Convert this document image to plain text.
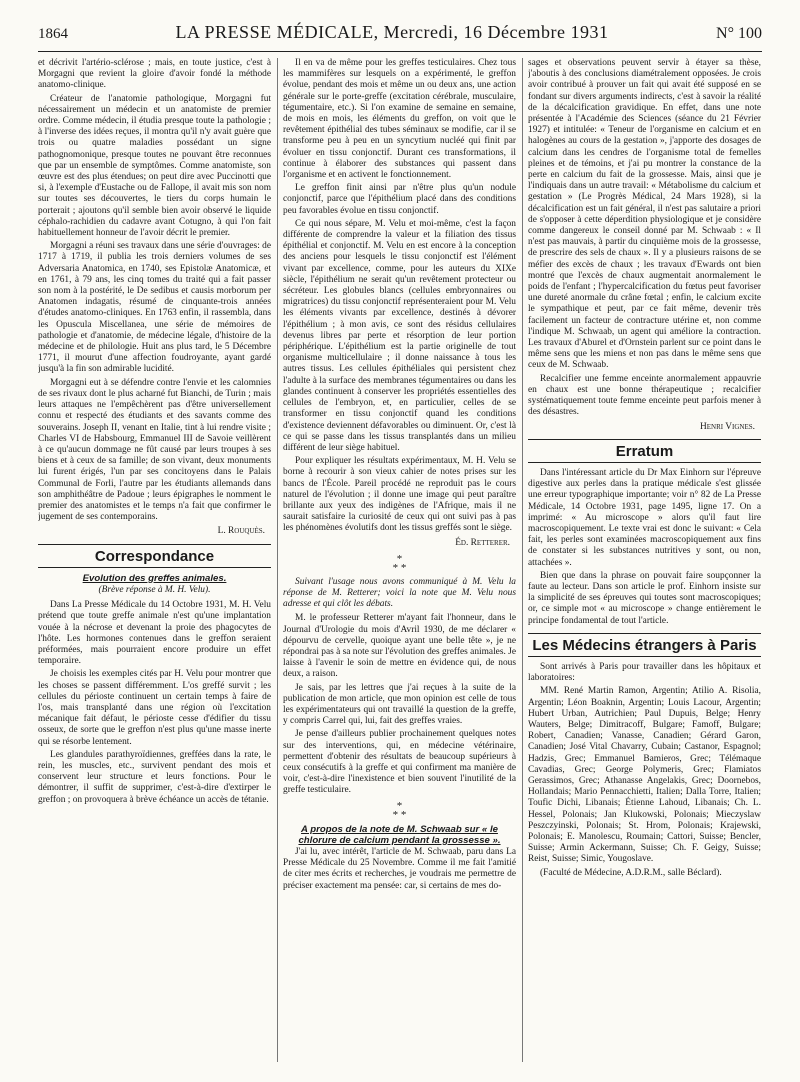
1864	LA PRESSE MÉDICALE, Mercredi, 16 Décembre 1931	N° 100

et décrivit l'artério-sclérose ; mais, en toute justice, c'est à Morgagni que revient la gloire d'avoir fondé la méthode anatomo-clinique.

Créateur de l'anatomie pathologique, Morgagni fut nécessairement un médecin et un anatomiste de premier ordre. Comme médecin, il étudia presque toute la pathologie ; à l'inverse des idées reçues, il montra qu'il n'y avait guère que trois ou quatre maladies possédant un signe pathognomonique, presque toutes ne pouvant être reconnues que par un ensemble de symptômes. Comme anatomiste, son œuvre est des plus étendues; on peut dire avec Puccinotti que si, à l'exemple d'Eustache ou de Fallope, il avait mis son nom sur toutes ses découvertes, le tiers du corps humain le porterait ; ajoutons qu'il semble bien avoir observé le liquide céphalo-rachidien du cadavre avant Cotugno, à qui l'on fait habituellement honneur de l'avoir décrit le premier.

Morgagni a réuni ses travaux dans une série d'ouvrages: de 1717 à 1719, il publia les trois derniers volumes de ses Adversaria Anatomica, en 1740, ses Epistolæ Anatomicæ, et en 1761, à 79 ans, les cinq tomes du traité qui a fait passer son nom à la postérité, le De sedibus et causis morborum per Anatomen indagatis, résumé de cinquante-trois années d'études anatomo-cliniques. En 1763 enfin, il rassembla, dans les Opuscula Miscellanea, une série de mémoires de pathologie et d'anatomie, de médecine légale, d'histoire de la médecine et de philologie. Huit ans plus tard, le 5 Décembre 1771, il mourut d'une affection foudroyante, ayant gardé jusqu'à la fin son admirable lucidité.

Morgagni eut à se défendre contre l'envie et les calomnies de ses rivaux dont le plus acharné fut Bianchi, de Turin ; mais leurs attaques ne l'empêchèrent pas d'être universellement connu et respecté des étudiants et des savants comme des souverains. Joseph II, venant en Italie, tint à lui rendre visite ; Charles VI de Habsbourg, Emmanuel III de Savoie veillèrent à ce qu'aucun dommage ne fût causé par leurs troupes à ses biens et à ceux de sa famille; de son vivant, deux monuments lui furent érigés, l'un par ses concitoyens dans le Palais Communal de Forli, l'autre par les étudiants allemands dans son amphithéâtre de Padoue ; leurs épigraphes le nomment le premier des anatomistes et le temps n'a fait que confirmer le jugement de ses contemporains.

L. Rouquès.
Correspondance
Evolution des greffes animales.
(Brève réponse à M. H. Velu).

Dans La Presse Médicale du 14 Octobre 1931, M. H. Velu prétend que toute greffe animale n'est qu'une implantation vouée à la nécrose et devenant la proie des phagocytes de l'hôte. Les hormones contenues dans le greffon seraient préformées, mais pourraient encore produire un effet temporaire.

Je choisis les exemples cités par H. Velu pour montrer que les choses se passent différemment. L'os greffé survit ; les cellules du périoste continuent un certain temps à faire de l'os, mais transplanté dans une région où l'excitation mécanique fait défaut, le périoste cesse d'édifier du tissu osseux, de sorte que le greffon n'est plus qu'une masse inerte qui se résorbe lentement.

Les glandules parathyroïdiennes, greffées dans la rate, le rein, les muscles, etc., survivent pendant des mois et conservent leur structure et leurs fonctions. Pour le démontrer, il suffit de supprimer, c'est-à-dire d'extirper le greffon ; on provoquera à brève échéance un accès de tétanie.

Il en va de même pour les greffes testiculaires. Chez tous les mammifères sur lesquels on a expérimenté, le greffon évolue, pendant des mois et même un ou deux ans, une action générale sur le porte-greffe (excitation cérébrale, musculaire, tégumentaire, etc.). Si l'on examine de semaine en semaine, de mois en mois, les éléments du greffon, on voit que le revêtement épithélial des tubes séminaux se modifie, car il se transforme peu à peu en un syncytium nucléé qui finit par évoluer en tissu conjonctif. Durant ces transformations, il continue à élaborer des substances qui passent dans l'organisme et en activent le fonctionnement.

Le greffon finit ainsi par n'être plus qu'un nodule conjonctif, parce que l'épithélium placé dans des conditions peu favorables évolue en tissu conjonctif.

Ce qui nous sépare, M. Velu et moi-même, c'est la façon différente de comprendre la valeur et la filiation des tissus épithélial et conjonctif. M. Velu en est encore à la conception des anciens pour lesquels le tissu conjonctif est l'élément vivant par excellence, comme, pour les auteurs du XIXe siècle, l'épithélium ne serait qu'un revêtement protecteur ou sécréteur. Les globules blancs (cellules embryonnaires ou migratrices) du tissu conjonctif représenteraient pour M. Velu les éléments vivants par excellence, destinés à dévorer l'épithélium ; à mon avis, ce sont des résidus cellulaires devenus libres par perte et résorption de leur portion périphérique. L'épithélium est la partie originelle de tout organisme multicellulaire ; il donne naissance à tous les autres tissus. Les cellules épithéliales qui persistent chez l'adulte à la surface des membranes tégumentaires ou dans les glandes continuent à conserver les propriétés essentielles des cellules de l'embryon, et, en particulier, celles de se transformer en tissu conjonctif quand les conditions d'existence deviennent défavorables ou diminuent. Or, c'est là ce qui se passe dans les tissus transplantés dans un milieu différent de leur siège habituel.

Pour expliquer les résultats expérimentaux, M. H. Velu se borne à recourir à son vieux cahier de notes prises sur les bancs de l'École. Pareil procédé ne reproduit pas le cours naturel de l'évolution ; il donne une image qui peut paraître brillante aux yeux des indigènes de l'Afrique, mais il ne saurait satisfaire la curiosité de ceux qui ont suivi pas à pas les phénomènes évolutifs dont les tissus greffés sont le siège.

Éd. Retterer.
*
* *

Suivant l'usage nous avons communiqué à M. Velu la réponse de M. Retterer; voici la note que M. Velu nous adresse et qui clôt les débats.

M. le professeur Retterer m'ayant fait l'honneur, dans le Journal d'Urologie du mois d'Avril 1930, de me déclarer « dépourvu de cervelle, quoique ayant une belle tête », je ne répondrai pas à sa note sur l'évolution des greffes animales. Je laisse à l'avenir le soin de mettre en évidence qui, de nous deux, a raison.

Je sais, par les lettres que j'ai reçues à la suite de la publication de mon article, que mon opinion est celle de tous les expérimentateurs qui ont travaillé la question de la greffe, y compris Carrel qui, lui, fait des greffes vraies.

Je pense d'ailleurs publier prochainement quelques notes sur des interventions, qui, en médecine vétérinaire, permettent d'obtenir des résultats de beaucoup supérieurs à ceux consécutifs à la greffe et qui confirment ma manière de voir, c'est-à-dire l'inexistence et bien souvent l'inutilité de la greffe testiculaire.

*
* *
A propos de la note de M. Schwaab sur « le chlorure de calcium pendant la grossesse ».

J'ai lu, avec intérêt, l'article de M. Schwaab, paru dans La Presse Médicale du 25 Novembre. Comme il me fait l'amitié de citer mes écrits et recherches, je voudrais me permettre de préciser exactement ma pensée: car, si certains de mes do-

sages et observations peuvent servir à étayer sa thèse, j'aboutis à des conclusions diamétralement opposées. Je crois avoir contribué à prouver un fait qui avait été supposé en se fondant sur divers arguments indirects, c'est à savoir la réalité de la décalcification gravidique. En effet, dans une note présentée à l'Académie des Sciences (séance du 21 Février 1927) et intitulée: « Teneur de l'organisme en calcium et en halogènes au cours de la gestation », j'apporte des dosages de calcium dans les cendres de l'organisme total de femelles pleines et de témoins, et j'ai pu montrer la constance de la perte en calcium du fait de la grossesse. Mais, ainsi que je l'indiquais dans un autre travail: « Métabolisme du calcium et gestation » (Le Progrès Médical, 24 Mars 1928), si la décalcification est un fait général, il n'est pas salutaire a priori de s'opposer à cette déperdition physiologique et je considère comme dangereux le conseil donné par M. Schwaab : « Il n'est pas mauvais, à partir du cinquième mois de la grossesse, de prescrire des sels de chaux ». Il y a plusieurs raisons de se méfier des excès de chaux ; les travaux d'Ewards ont bien montré que l'excès de chaux augmentait anormalement le poids de l'enfant ; l'hypercalcification du fœtus peut favoriser une dureté anormale du crâne fœtal ; enfin, le calcium excite le sympathique et peut, par ce fait même, devenir très facilement un facteur de contracture utérine et, non comme l'indique M. Schwaab, un agent qui améliore la contraction. Les travaux d'Aburel et d'Ornstein parlent sur ce point dans le même sens que les miens et non pas dans le même sens que ceux de M. Schwaab.

Recalcifier une femme enceinte anormalement appauvrie en chaux est une bonne thérapeutique ; recalcifier systématiquement toute femme enceinte peut parfois mener à des désastres.

Henri Vignes.
Erratum

Dans l'intéressant article du Dr Max Einhorn sur l'épreuve digestive aux perles dans la pratique médicale s'est glissée une erreur typographique importante; voir n° 82 de La Presse Médicale, 14 Octobre 1931, page 1495, ligne 17. On a imprimé: « Au microscope » alors qu'il faut lire macroscopiquement. Le texte vrai est donc le suivant: « Cela fait, les perles sont examinées macroscopiquement aux fins de constater si les substances nutritives y sont, ou non, attachées ».

Bien que dans la phrase on pouvait faire soupçonner la faute au lecteur. Dans son article le prof. Einhorn insiste sur la simplicité de ses épreuves qui toutes sont macroscopiques; or, ce simple mot « au microscope » change entièrement le principe fondamental de tout l'article.

Les Médecins étrangers à Paris

Sont arrivés à Paris pour travailler dans les hôpitaux et laboratoires:

MM. René Martin Ramon, Argentin; Atilio A. Risolia, Argentin; Léon Boaknin, Argentin; Louis Lacour, Argentin; Hubert Urban, Autrichien; Paul Dupuis, Belge; Henry Wauters, Belge; Dimitracoff, Bulgare; Famoff, Bulgare; Robert, Canadien; Vanasse, Canadien; Gérard Garon, Canadien; José Vital Chavarry, Cubain; Castanor, Espagnol; Hadzis, Grec; Emmanuel Bamieros, Grec; Télémaque Cavadias, Grec; George Polymeris, Grec; Flamiatos Gerassimos, Grec; Athanasse Angelakis, Grec; Doornebos, Hollandais; Mario Pennacchietti, Italien; Dalla Torre, Italien; Toufic Dichi, Libanais; Étienne Lahoud, Libanais; Ch. L. Hessel, Polonais; Jan Klukowski, Polonais; Mieczyslaw Peszczyinski, Polonais; St. Hrom, Polonais; Krajewski, Polonais; E. Manolescu, Roumain; Cattori, Suisse; Bencler, Suisse; Armin Ackermann, Suisse; Ch. F. Geigy, Suisse; Reist, Suisse; Simic, Yougoslave.

(Faculté de Médecine, A.D.R.M., salle Béclard).
